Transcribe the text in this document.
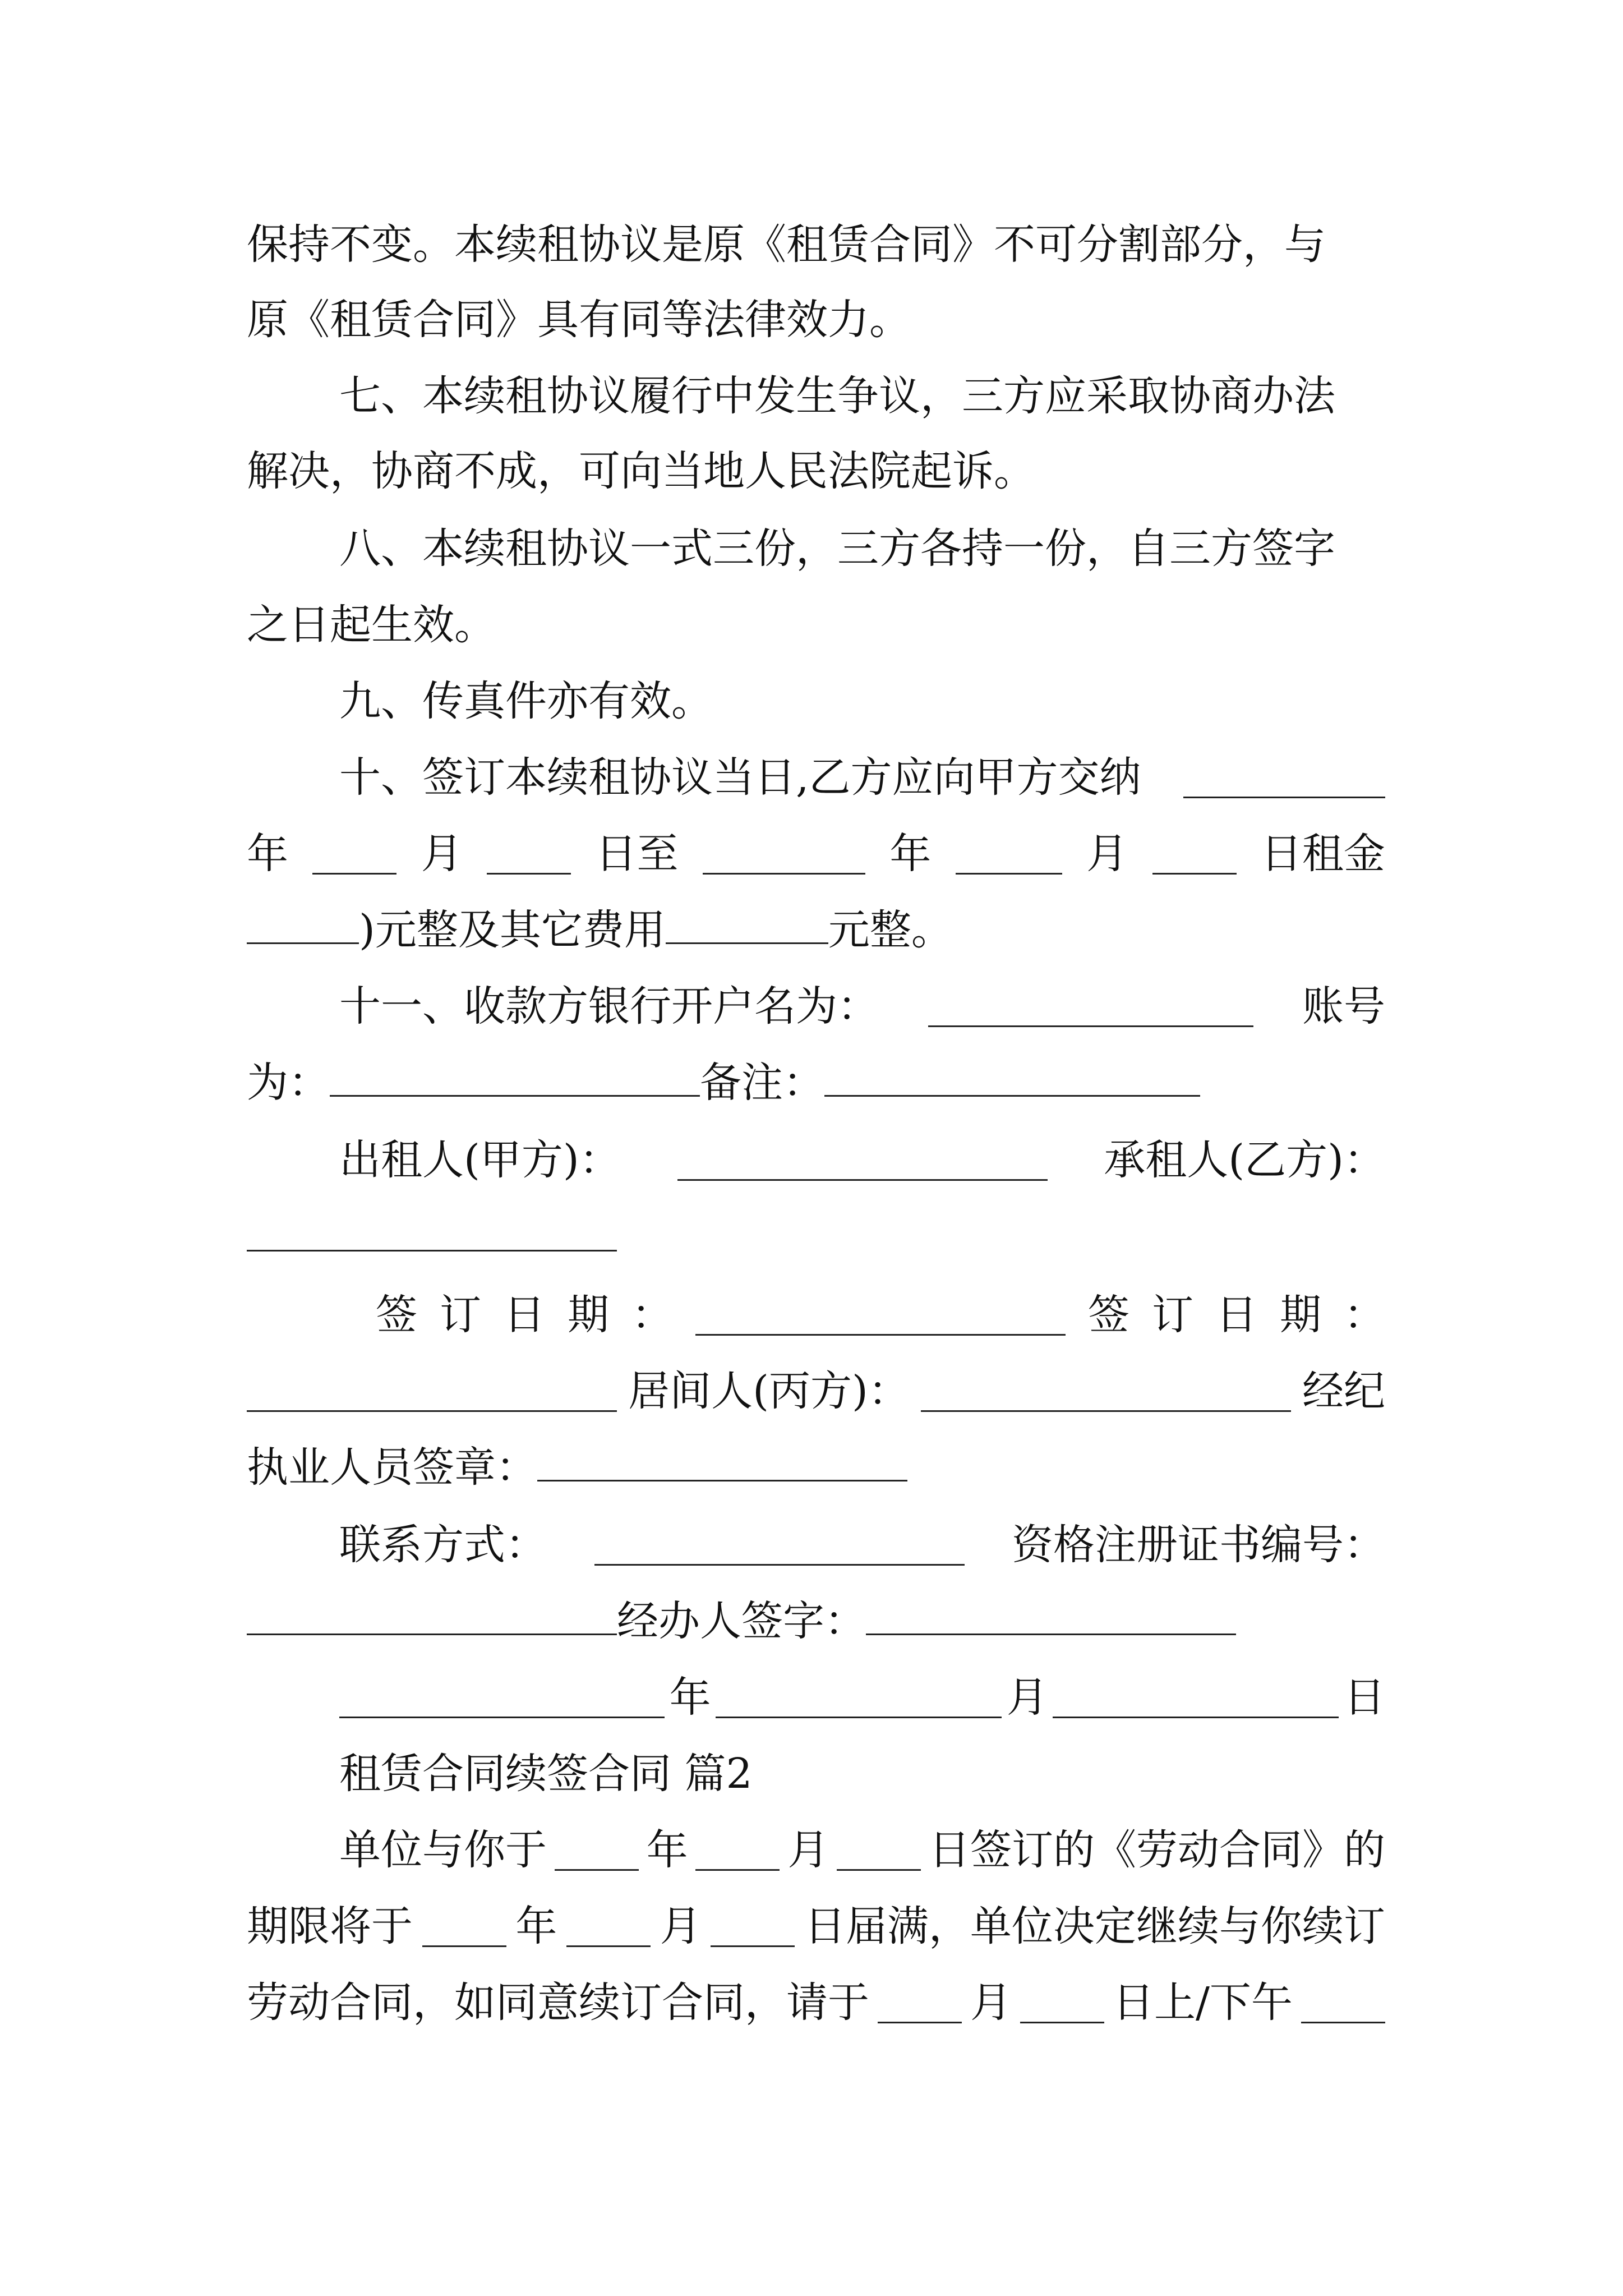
保持不变。本续租协议是原《租赁合同》不可分割部分，与
原《租赁合同》具有同等法律效力。
七、本续租协议履行中发生争议，三方应采取协商办法
解决，协商不成，可向当地人民法院起诉。
八、本续租协议一式三份，三方各持一份，自三方签字
之日起生效。
九、传真件亦有效。
十、签订本续租协议当日,乙方应向甲方交纳
年	月	日至	年	月	日租金
)元整及其它费用	元整。
十一、收款方银行开户名为：	账号
为：	备注：
出租人(甲方)：	承租人(乙方)：
签 订 日 期 ：	签 订 日 期 ：
居间人(丙方)：	经纪
执业人员签章：
联系方式：	资格注册证书编号：
经办人签字：
年	月	日
租赁合同续签合同 篇2
单位与你于 年 月 日签订的《劳动合同》的
期限将于 年 月 日届满，单位决定继续与你续订
劳动合同，如同意续订合同，请于 月 日上/下午
